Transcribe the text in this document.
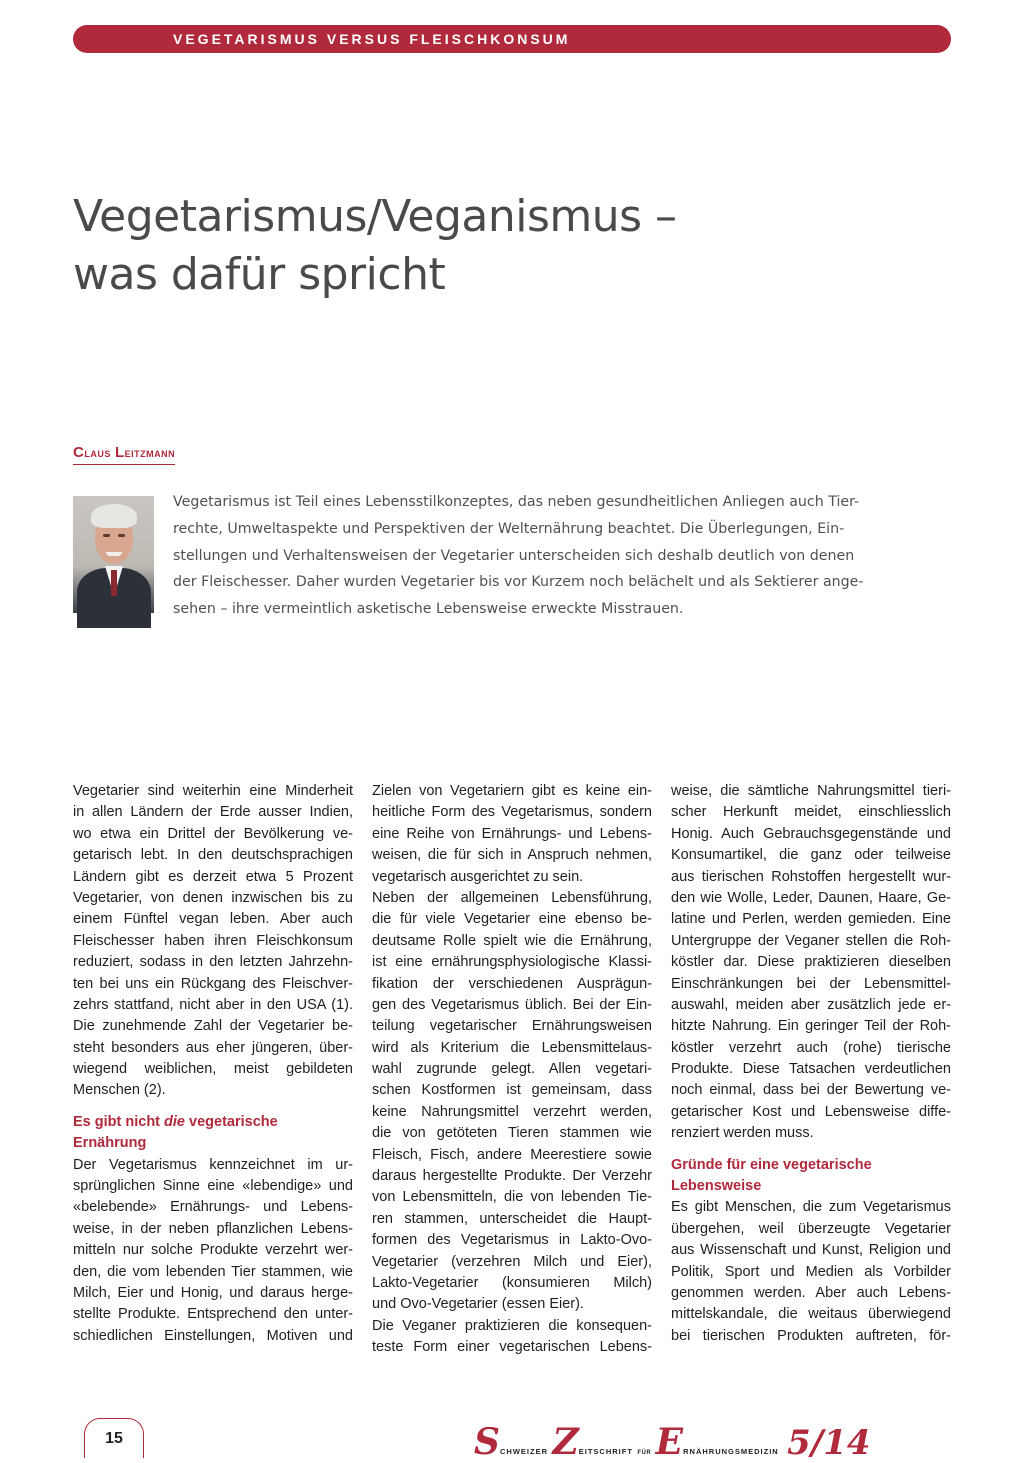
VEGETARISMUS VERSUS FLEISCHKONSUM
Vegetarismus/Veganismus –
was dafür spricht
Claus Leitzmann
Vegetarismus ist Teil eines Lebensstilkonzeptes, das neben gesundheitlichen Anliegen auch Tier-
rechte, Umweltaspekte und Perspektiven der Welternährung beachtet. Die Überlegungen, Ein-
stellungen und Verhaltensweisen der Vegetarier unterscheiden sich deshalb deutlich von denen
der Fleischesser. Daher wurden Vegetarier bis vor Kurzem noch belächelt und als Sektierer ange-
sehen – ihre vermeintlich asketische Lebensweise erweckte Misstrauen.
Vegetarier sind weiterhin eine Minderheit
in allen Ländern der Erde ausser Indien,
wo etwa ein Drittel der Bevölkerung ve-
getarisch lebt. In den deutschsprachigen
Ländern gibt es derzeit etwa 5 Prozent
Vegetarier, von denen inzwischen bis zu
einem Fünftel vegan leben. Aber auch
Fleischesser haben ihren Fleischkonsum
reduziert, sodass in den letzten Jahrzehn-
ten bei uns ein Rückgang des Fleischver-
zehrs stattfand, nicht aber in den USA (1).
Die zunehmende Zahl der Vegetarier be-
steht besonders aus eher jüngeren, über-
wiegend weiblichen, meist gebildeten
Menschen (2).
Es gibt nicht die vegetarische
Ernährung
Der Vegetarismus kennzeichnet im ur-
sprünglichen Sinne eine «lebendige» und
«belebende» Ernährungs- und Lebens-
weise, in der neben pflanzlichen Lebens-
mitteln nur solche Produkte verzehrt wer-
den, die vom lebenden Tier stammen, wie
Milch, Eier und Honig, und daraus herge-
stellte Produkte. Entsprechend den unter-
schiedlichen Einstellungen, Motiven und
Zielen von Vegetariern gibt es keine ein-
heitliche Form des Vegetarismus, sondern
eine Reihe von Ernährungs- und Lebens-
weisen, die für sich in Anspruch nehmen,
vegetarisch ausgerichtet zu sein.
Neben der allgemeinen Lebensführung,
die für viele Vegetarier eine ebenso be-
deutsame Rolle spielt wie die Ernährung,
ist eine ernährungsphysiologische Klassi-
fikation der verschiedenen Ausprägun-
gen des Vegetarismus üblich. Bei der Ein-
teilung vegetarischer Ernährungsweisen
wird als Kriterium die Lebensmittelaus-
wahl zugrunde gelegt. Allen vegetari-
schen Kostformen ist gemeinsam, dass
keine Nahrungsmittel verzehrt werden,
die von getöteten Tieren stammen wie
Fleisch, Fisch, andere Meerestiere sowie
daraus hergestellte Produkte. Der Verzehr
von Lebensmitteln, die von lebenden Tie-
ren stammen, unterscheidet die Haupt-
formen des Vegetarismus in Lakto-Ovo-
Vegetarier (verzehren Milch und Eier),
Lakto-Vegetarier (konsumieren Milch)
und Ovo-Vegetarier (essen Eier).
Die Veganer praktizieren die konsequen-
teste Form einer vegetarischen Lebens-
weise, die sämtliche Nahrungsmittel tieri-
scher Herkunft meidet, einschliesslich
Honig. Auch Gebrauchsgegenstände und
Konsumartikel, die ganz oder teilweise
aus tierischen Rohstoffen hergestellt wur-
den wie Wolle, Leder, Daunen, Haare, Ge-
latine und Perlen, werden gemieden. Eine
Untergruppe der Veganer stellen die Roh-
köstler dar. Diese praktizieren dieselben
Einschränkungen bei der Lebensmittel-
auswahl, meiden aber zusätzlich jede er-
hitzte Nahrung. Ein geringer Teil der Roh-
köstler verzehrt auch (rohe) tierische
Produkte. Diese Tatsachen verdeutlichen
noch einmal, dass bei der Bewertung ve-
getarischer Kost und Lebensweise diffe-
renziert werden muss.
Gründe für eine vegetarische
Lebensweise
Es gibt Menschen, die zum Vegetarismus
übergehen, weil überzeugte Vegetarier
aus Wissenschaft und Kunst, Religion und
Politik, Sport und Medien als Vorbilder
genommen werden. Aber auch Lebens-
mittelskandale, die weitaus überwiegend
bei tierischen Produkten auftreten, för-
15	SCHWEIZER ZEITSCHRIFT FÜR ERNÄHRUNGSMEDIZIN 5/14
